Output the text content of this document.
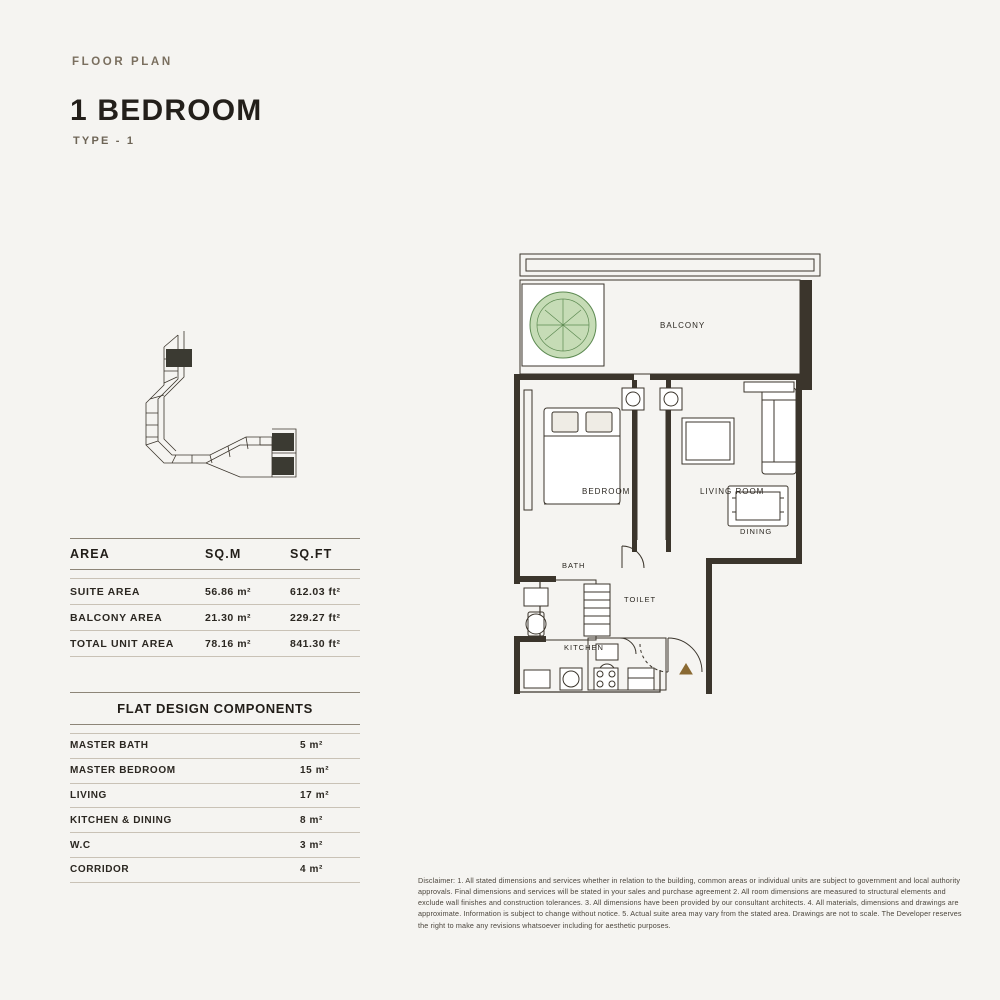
FLOOR PLAN
1 BEDROOM
TYPE - 1
AREA	SQ.M	SQ.FT
SUITE AREA	56.86 m²	612.03 ft²
BALCONY AREA	21.30 m²	229.27 ft²
TOTAL UNIT AREA	78.16 m²	841.30 ft²
FLAT DESIGN COMPONENTS
MASTER BATH	5 m²
MASTER BEDROOM	15 m²
LIVING	17 m²
KITCHEN & DINING	8 m²
W.C	3 m²
CORRIDOR	4 m²
BALCONY
BEDROOM	LIVING ROOM
DINING
BATH
TOILET
KITCHEN
Disclaimer: 1. All stated dimensions and services whether in relation to the building, common areas or individual units are subject to government and local authority approvals. Final dimensions and services will be stated in your sales and purchase agreement 2. All room dimensions are measured to structural elements and exclude wall finishes and construction tolerances. 3. All dimensions have been provided by our consultant architects. 4. All materials, dimensions and drawings are approximate. Information is subject to change without notice. 5. Actual suite area may vary from the stated area. Drawings are not to scale. The Developer reserves the right to make any revisions whatsoever including for aesthetic purposes.
